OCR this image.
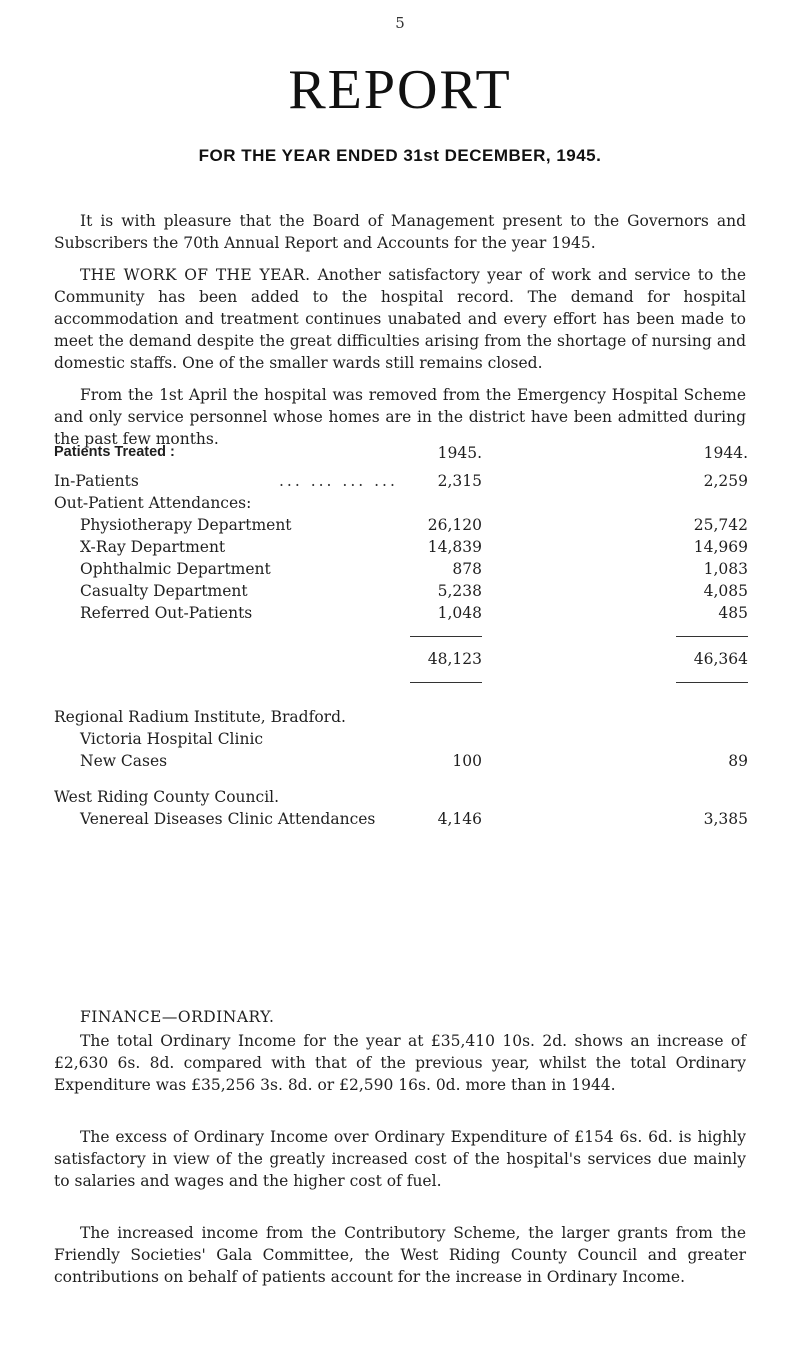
5
REPORT
FOR THE YEAR ENDED 31st DECEMBER, 1945.

It is with pleasure that the Board of Management present to the Governors and Subscribers the 70th Annual Report and Accounts for the year 1945.

THE WORK OF THE YEAR. Another satisfactory year of work and service to the Community has been added to the hospital record. The demand for hospital accommodation and treatment continues unabated and every effort has been made to meet the demand despite the great difficulties arising from the shortage of nursing and domestic staffs. One of the smaller wards still remains closed.

From the 1st April the hospital was removed from the Emergency Hospital Scheme and only service personnel whose homes are in the district have been admitted during the past few months.

Patients Treated :	1945.	1944.
In-Patients	... ... ... ...	2,315	2,259
Out-Patient Attendances:
Physiotherapy Department	26,120	25,742
X-Ray Department	14,839	14,969
Ophthalmic Department	878	1,083
Casualty Department	5,238	4,085
Referred Out-Patients	1,048	485
48,123	46,364
Regional Radium Institute, Bradford.
Victoria Hospital Clinic
New Cases	100	89
West Riding County Council.
Venereal Diseases Clinic Attendances	4,146	3,385
FINANCE—ORDINARY.

The total Ordinary Income for the year at £35,410 10s. 2d. shows an increase of £2,630 6s. 8d. compared with that of the previous year, whilst the total Ordinary Expenditure was £35,256 3s. 8d. or £2,590 16s. 0d. more than in 1944.

The excess of Ordinary Income over Ordinary Expenditure of £154 6s. 6d. is highly satisfactory in view of the greatly increased cost of the hospital's services due mainly to salaries and wages and the higher cost of fuel.

The increased income from the Contributory Scheme, the larger grants from the Friendly Societies' Gala Committee, the West Riding County Council and greater contributions on behalf of patients account for the increase in Ordinary Income.
